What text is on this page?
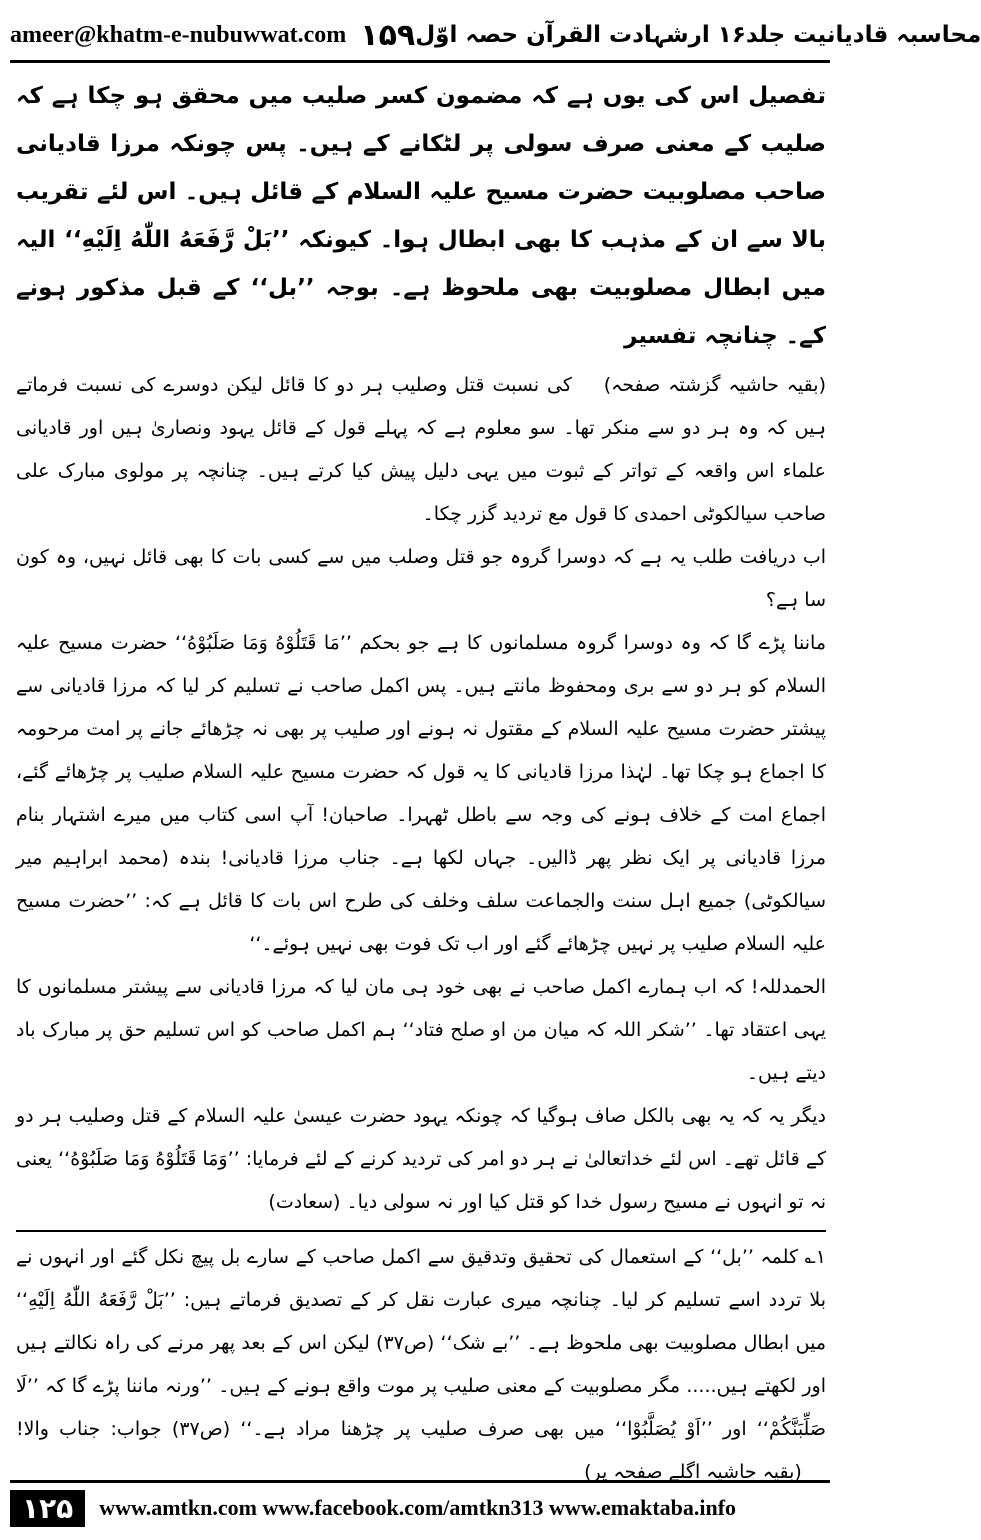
ameer@khatm-e-nubuwwat.com ۱۵۹ محاسبہ قادیانیت جلد۱۶ ارشہادت القرآن حصہ اوّل

تفصیل اس کی یوں ہے کہ مضمون کسر صلیب میں محقق ہو چکا ہے کہ صلیب کے معنی صرف سولی پر لٹکانے کے ہیں۔ پس چونکہ مرزا قادیانی صاحب مصلوبیت حضرت مسیح علیہ السلام کے قائل ہیں۔ اس لئے تقریب بالا سے ان کے مذہب کا بھی ابطال ہوا۔ کیونکہ ’’بَلْ رَّفَعَهُ اللّٰهُ اِلَیْهِ‘‘ الیہ میں ابطال مصلوبیت بھی ملحوظ ہے۔ بوجہ ’’بل‘‘ کے قبل مذکور ہونے کے۔ چنانچہ تفسیر

(بقیہ حاشیہ گزشتہ صفحہ)    کی نسبت قتل وصلیب ہر دو کا قائل لیکن دوسرے کی نسبت فرماتے ہیں کہ وہ ہر دو سے منکر تھا۔ سو معلوم ہے کہ پہلے قول کے قائل یہود ونصاریٰ ہیں اور قادیانی علماء اس واقعہ کے تواتر کے ثبوت میں یہی دلیل پیش کیا کرتے ہیں۔ چنانچہ پر مولوی مبارک علی صاحب سیالکوٹی احمدی کا قول مع تردید گزر چکا۔

اب دریافت طلب یہ ہے کہ دوسرا گروہ جو قتل وصلب میں سے کسی بات کا بھی قائل نہیں، وہ کون سا ہے؟

ماننا پڑے گا کہ وہ دوسرا گروہ مسلمانوں کا ہے جو بحکم ’’مَا قَتَلُوْهُ وَمَا صَلَبُوْهُ‘‘ حضرت مسیح علیہ السلام کو ہر دو سے بری ومحفوظ مانتے ہیں۔ پس اکمل صاحب نے تسلیم کر لیا کہ مرزا قادیانی سے پیشتر حضرت مسیح علیہ السلام کے مقتول نہ ہونے اور صلیب پر بھی نہ چڑھائے جانے پر امت مرحومہ کا اجماع ہو چکا تھا۔ لہٰذا مرزا قادیانی کا یہ قول کہ حضرت مسیح علیہ السلام صلیب پر چڑھائے گئے، اجماع امت کے خلاف ہونے کی وجہ سے باطل ٹھہرا۔ صاحبان! آپ اسی کتاب میں میرے اشتہار بنام مرزا قادیانی پر ایک نظر پھر ڈالیں۔ جہاں لکھا ہے۔ جناب مرزا قادیانی! بندہ (محمد ابراہیم میر سیالکوٹی) جمیع اہل سنت والجماعت سلف وخلف کی طرح اس بات کا قائل ہے کہ: ’’حضرت مسیح علیہ السلام صلیب پر نہیں چڑھائے گئے اور اب تک فوت بھی نہیں ہوئے۔‘‘

الحمدللہ! کہ اب ہمارے اکمل صاحب نے بھی خود ہی مان لیا کہ مرزا قادیانی سے پیشتر مسلمانوں کا یہی اعتقاد تھا۔ ’’شکر اللہ کہ میان من او صلح فتاد‘‘ ہم اکمل صاحب کو اس تسلیم حق پر مبارک باد دیتے ہیں۔

دیگر یہ کہ یہ بھی بالکل صاف ہوگیا کہ چونکہ یہود حضرت عیسیٰ علیہ السلام کے قتل وصلیب ہر دو کے قائل تھے۔ اس لئے خداتعالیٰ نے ہر دو امر کی تردید کرنے کے لئے فرمایا: ’’وَمَا قَتَلُوْهُ وَمَا صَلَبُوْهُ‘‘ یعنی نہ تو انہوں نے مسیح رسول خدا کو قتل کیا اور نہ سولی دیا۔ (سعادت)

۱؎ کلمہ ’’بل‘‘ کے استعمال کی تحقیق وتدقیق سے اکمل صاحب کے سارے بل پیچ نکل گئے اور انہوں نے بلا تردد اسے تسلیم کر لیا۔ چنانچہ میری عبارت نقل کر کے تصدیق فرماتے ہیں: ’’بَلْ رَّفَعَهُ اللّٰهُ اِلَیْهِ‘‘ میں ابطال مصلوبیت بھی ملحوظ ہے۔ ’’بے شک‘‘ (ص۳۷) لیکن اس کے بعد پھر مرنے کی راہ نکالتے ہیں اور لکھتے ہیں..... مگر مصلوبیت کے معنی صلیب پر موت واقع ہونے کے ہیں۔ ’’ورنہ ماننا پڑے گا کہ ’’لَا صَلِّبَنَّکُمْ‘‘ اور ’’اَوْ یُصَلَّبُوْا‘‘ میں بھی صرف صلیب پر چڑھنا مراد ہے۔‘‘ (ص۳۷) جواب: جناب والا!     (بقیہ حاشیہ اگلے صفحہ پر)

۱۲۵	www.amtkn.com www.facebook.com/amtkn313 www.emaktaba.info
